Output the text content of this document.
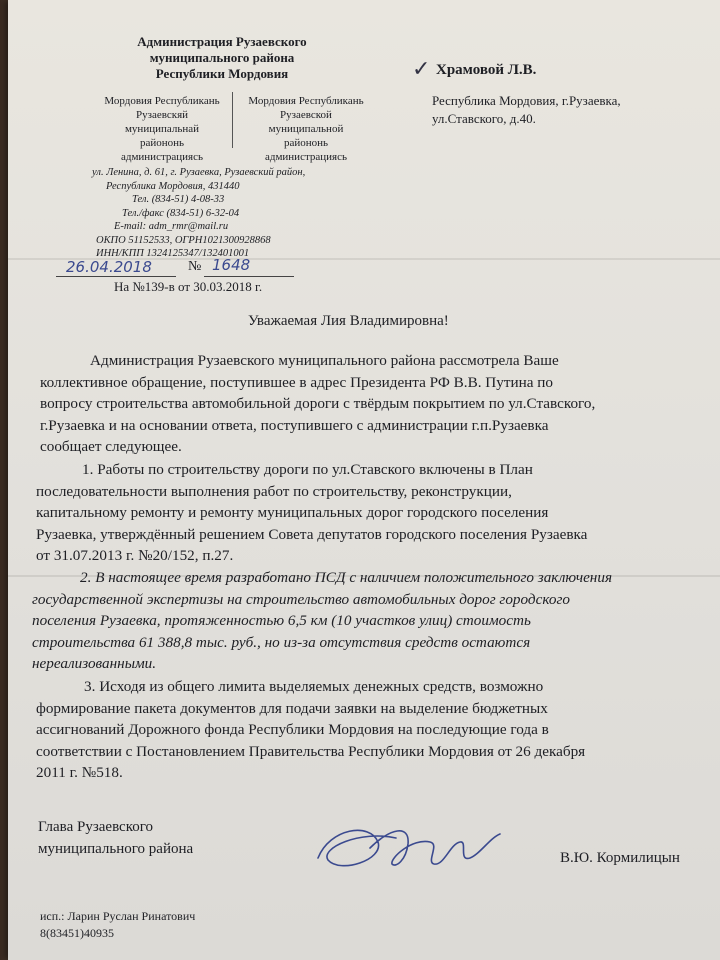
Администрация Рузаевского
муниципального района
Республики Мордовия
Мордовия Республикань
Рузаевскяй
муниципальнай
райононь
администрациясь
Мордовия Республикань
Рузаевской
муниципальной
райононь
администрациясь
ул. Ленина, д. 61, г. Рузаевка, Рузаевский район,
Республика Мордовия, 431440
Тел. (834-51) 4-08-33
Тел./факс (834-51) 6-32-04
E-mail: adm_rmr@mail.ru
ОКПО 51152533, ОГРН1021300928868
ИНН/КПП 1324125347/132401001
✓ Храмовой Л.В.
Республика Мордовия, г.Рузаевка,
ул.Ставского, д.40.
26.04.2018	№ 1648
На №139-в от 30.03.2018 г.
Уважаемая Лия Владимировна!
Администрация Рузаевского муниципального района рассмотрела Ваше
коллективное обращение, поступившее в адрес Президента РФ В.В. Путина по
вопросу строительства автомобильной дороги с твёрдым покрытием по ул.Ставского,
г.Рузаевка и на основании ответа, поступившего с администрации г.п.Рузаевка
сообщает следующее.
1. Работы по строительству дороги по ул.Ставского включены в План
последовательности выполнения работ по строительству, реконструкции,
капитальному ремонту и ремонту муниципальных дорог городского поселения
Рузаевка, утверждённый решением Совета депутатов городского поселения Рузаевка
от 31.07.2013 г. №20/152, п.27.
2. В настоящее время разработано ПСД с наличием положительного заключения
государственной экспертизы на строительство автомобильных дорог городского
поселения Рузаевка, протяженностью 6,5 км (10 участков улиц) стоимость
строительства 61 388,8 тыс. руб., но из-за отсутствия средств остаются
нереализованными.
3. Исходя из общего лимита выделяемых денежных средств, возможно
формирование пакета документов для подачи заявки на выделение бюджетных
ассигнований Дорожного фонда Республики Мордовия на последующие года в
соответствии с Постановлением Правительства Республики Мордовия от 26 декабря
2011 г. №518.
Глава Рузаевского
муниципального района
В.Ю. Кормилицын
исп.: Ларин Руслан Ринатович
8(83451)40935
